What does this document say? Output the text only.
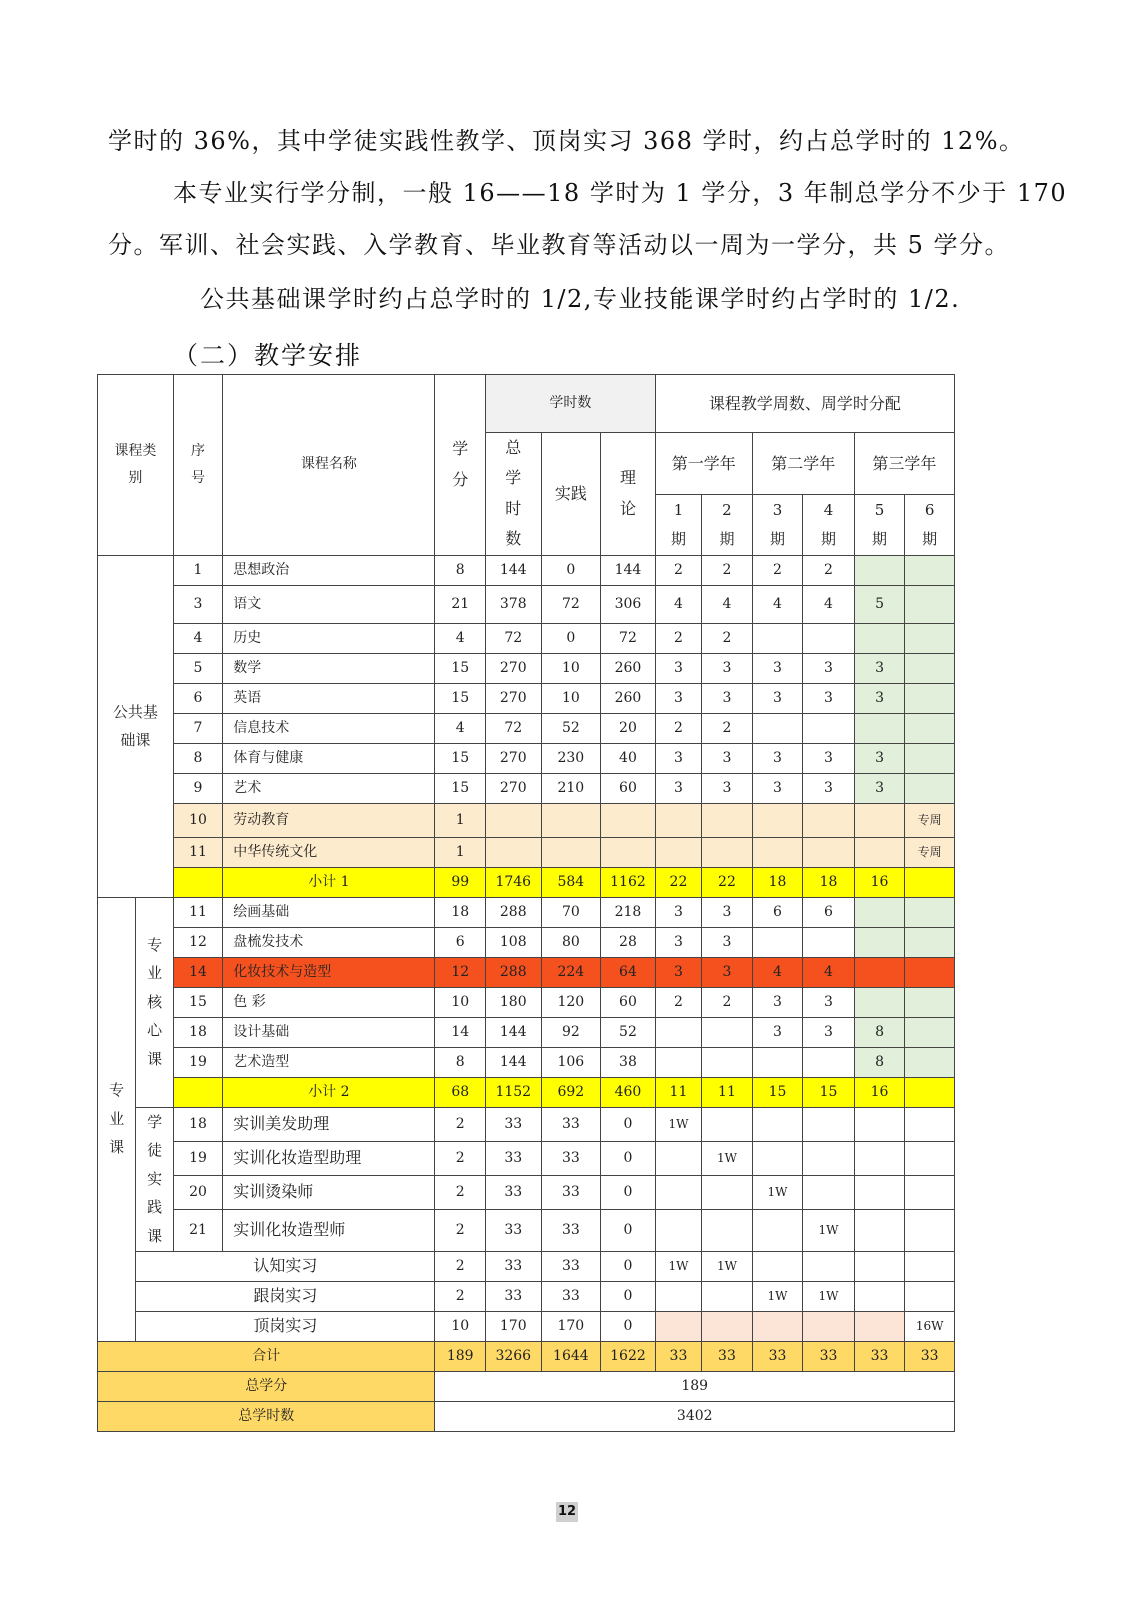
学时的 36%，其中学徒实践性教学、顶岗实习 368 学时，约占总学时的 12%。
本专业实行学分制，一般 16——18 学时为 1 学分，3 年制总学分不少于 170
分。军训、社会实践、入学教育、毕业教育等活动以一周为一学分，共 5 学分。
公共基础课学时约占总学时的 1/2,专业技能课学时约占学时的 1/2.
（二）教学安排
课程类别		序号	课程名称	学分	学时数			课程教学周数、周学时分配					
					总学时数	实践	理论	第一学年		第二学年		第三学年	
								1期	2期	3期	4期	5期	6期
公共基础课		1	思想政治	8	144	0	144	2	2	2	2		
		3	语文	21	378	72	306	4	4	4	4	5	
		4	历史	4	72	0	72	2	2				
		5	数学	15	270	10	260	3	3	3	3	3	
		6	英语	15	270	10	260	3	3	3	3	3	
		7	信息技术	4	72	52	20	2	2				
		8	体育与健康	15	270	230	40	3	3	3	3	3	
		9	艺术	15	270	210	60	3	3	3	3	3	
		10	劳动教育	1									专周
		11	中华传统文化	1									专周
			小计 1	99	1746	584	1162	22	22	18	18	16	
专业课	专业核心课	11	绘画基础	18	288	70	218	3	3	6	6		
		12	盘梳发技术	6	108	80	28	3	3				
		14	化妆技术与造型	12	288	224	64	3	3	4	4		
		15	色 彩	10	180	120	60	2	2	3	3		
		18	设计基础	14	144	92	52			3	3	8	
		19	艺术造型	8	144	106	38					8	
			小计 2	68	1152	692	460	11	11	15	15	16	
	学徒实践课	18	实训美发助理	2	33	33	0	1W					
		19	实训化妆造型助理	2	33	33	0		1W				
		20	实训烫染师	2	33	33	0			1W			
		21	实训化妆造型师	2	33	33	0				1W		
	认知实习			2	33	33	0	1W	1W				
	跟岗实习			2	33	33	0			1W	1W		
	顶岗实习			10	170	170	0						16W
合计				189	3266	1644	1622	33	33	33	33	33	33
总学分				189									
总学时数				3402									
12
